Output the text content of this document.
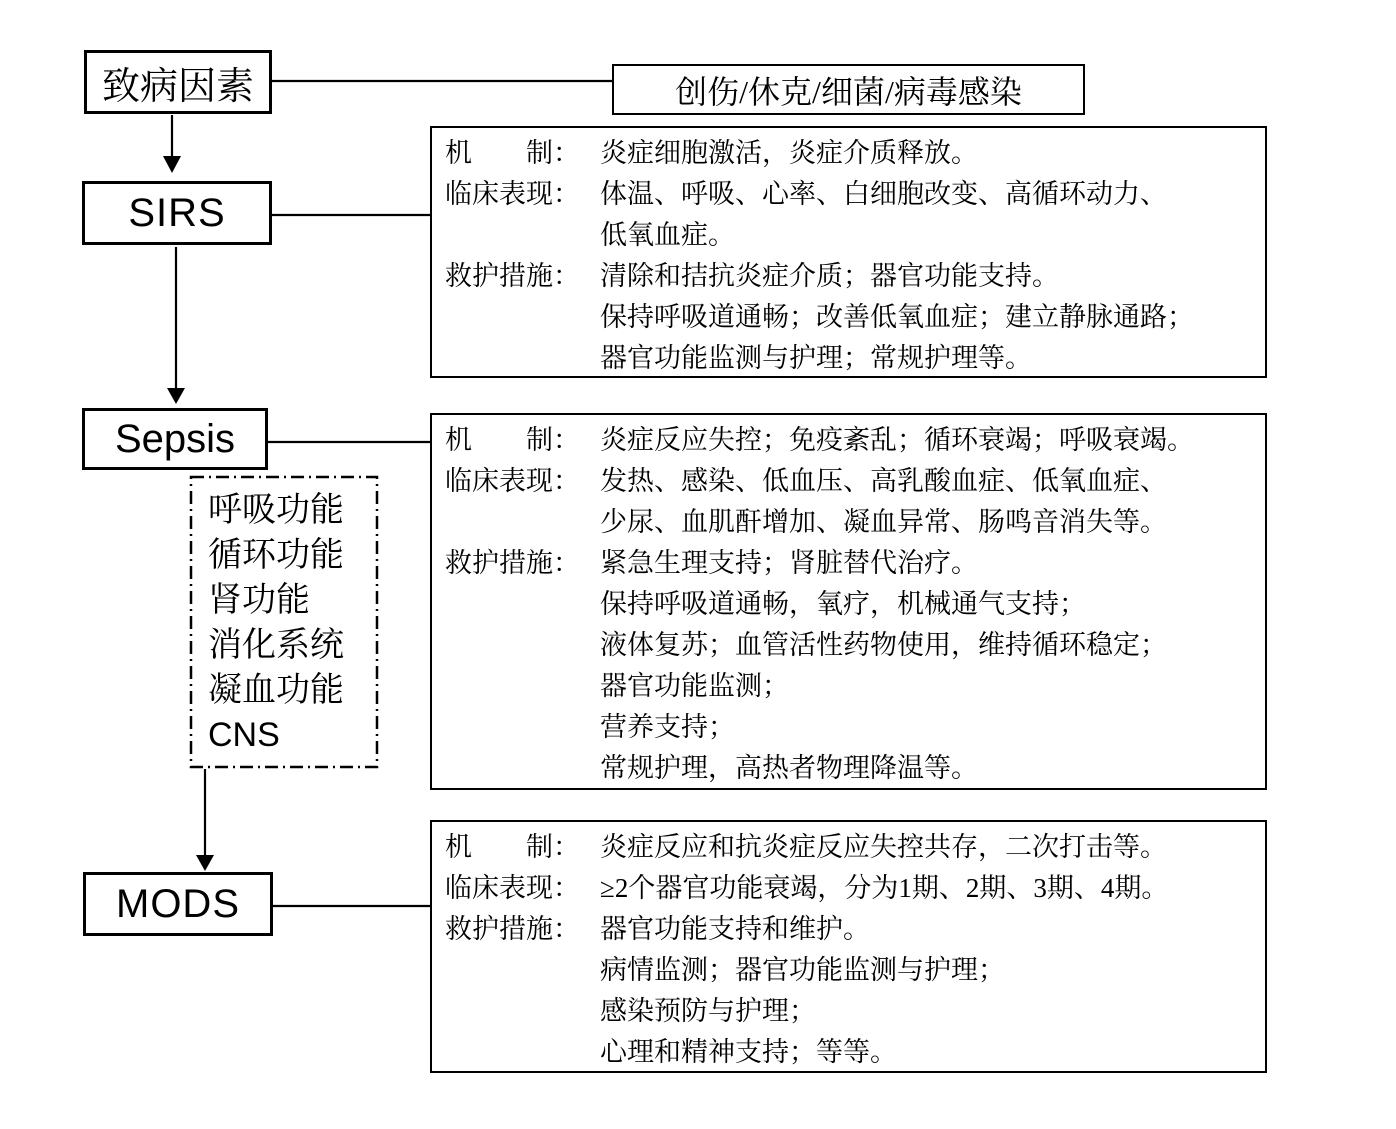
致病因素
SIRS
Sepsis
MODS
创伤/休克/细菌/病毒感染
呼吸功能
循环功能
肾功能
消化系统
凝血功能
CNS
机　　制： 炎症细胞激活，炎症介质释放。
临床表现： 体温、呼吸、心率、白细胞改变、高循环动力、
低氧血症。
救护措施： 清除和拮抗炎症介质；器官功能支持。
保持呼吸道通畅；改善低氧血症；建立静脉通路；
器官功能监测与护理；常规护理等。
机　　制： 炎症反应失控；免疫紊乱；循环衰竭；呼吸衰竭。
临床表现： 发热、感染、低血压、高乳酸血症、低氧血症、
少尿、血肌酐增加、凝血异常、肠鸣音消失等。
救护措施： 紧急生理支持；肾脏替代治疗。
保持呼吸道通畅，氧疗，机械通气支持；
液体复苏；血管活性药物使用，维持循环稳定；
器官功能监测；
营养支持；
常规护理，高热者物理降温等。
机　　制： 炎症反应和抗炎症反应失控共存，二次打击等。
临床表现： ≥2个器官功能衰竭，分为1期、2期、3期、4期。
救护措施： 器官功能支持和维护。
病情监测；器官功能监测与护理；
感染预防与护理；
心理和精神支持；等等。
